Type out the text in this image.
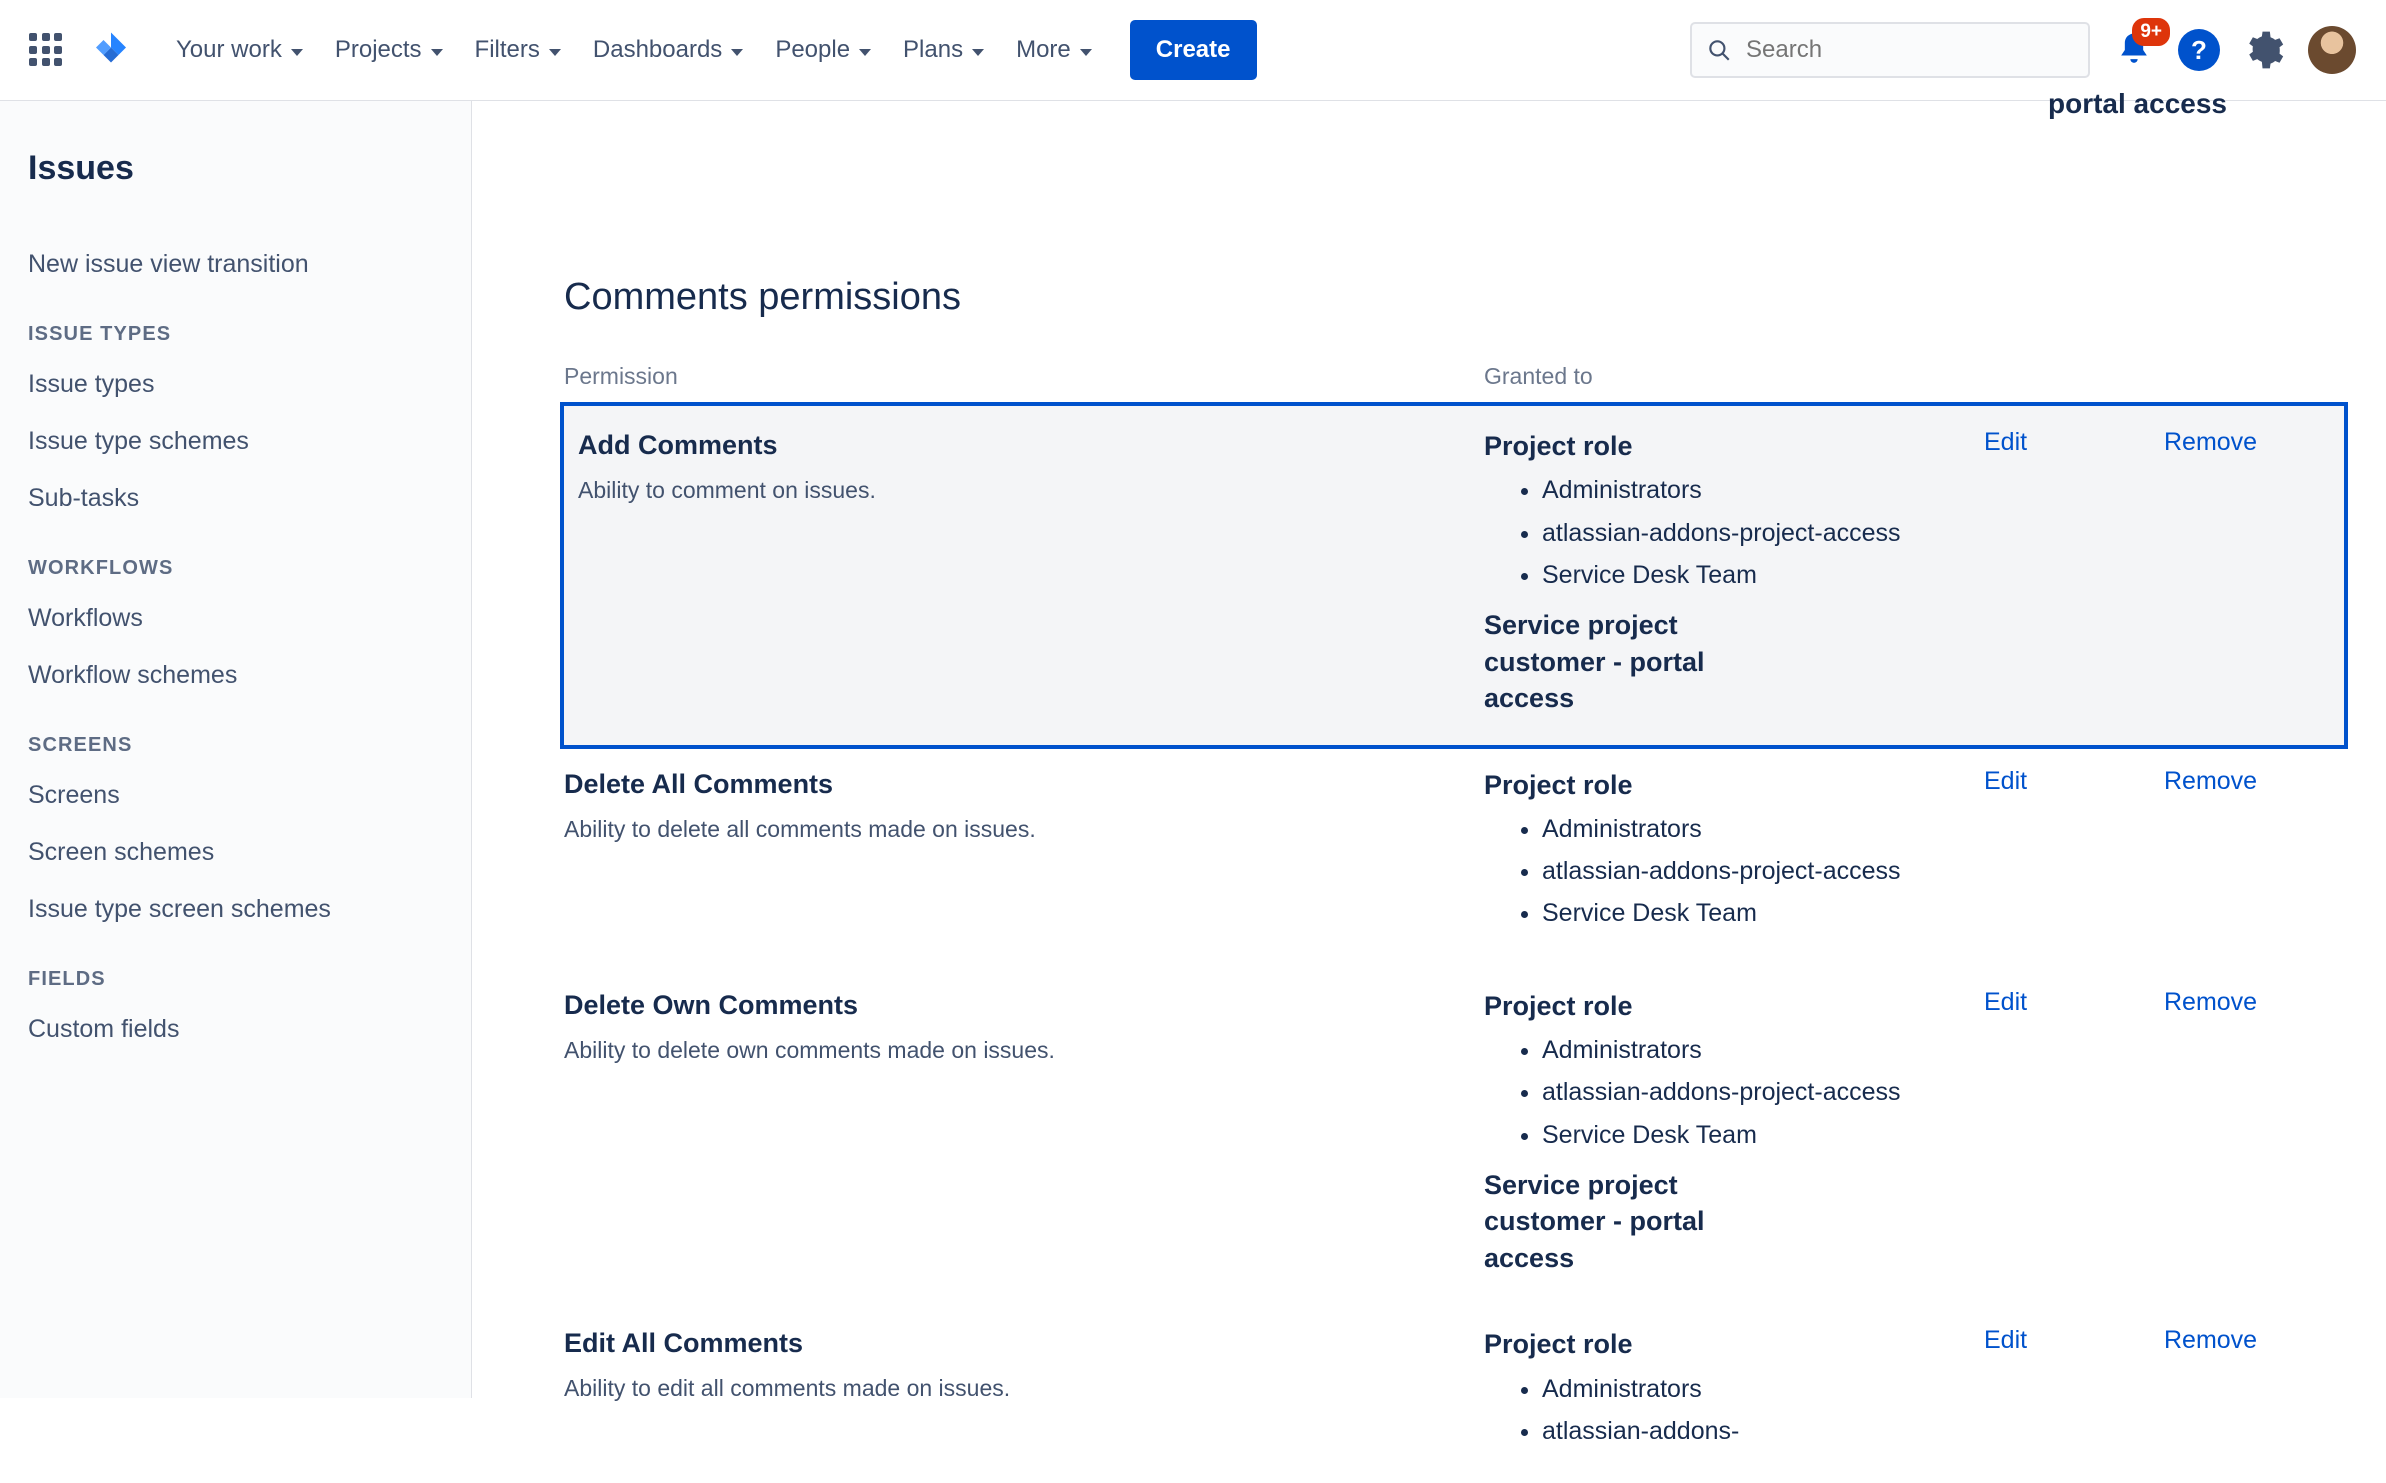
Your work Projects Filters Dashboards People Plans More	Create
Search
9+
?
Issues
New issue view transition
ISSUE TYPES
Issue types
Issue type schemes
Sub-tasks
WORKFLOWS
Workflows
Workflow schemes
SCREENS
Screens
Screen schemes
Issue type screen schemes
FIELDS
Custom fields
portal access
Comments permissions
Permission	Granted to		

Add Comments
Ability to comment on issues.

Project role
• Administrators
• atlassian-addons-project-access
• Service Desk Team
Service project customer - portal access
	Edit	Remove

Delete All Comments
Ability to delete all comments made on issues.

Project role
• Administrators
• atlassian-addons-project-access
• Service Desk Team
	Edit	Remove

Delete Own Comments
Ability to delete own comments made on issues.

Project role
• Administrators
• atlassian-addons-project-access
• Service Desk Team
Service project customer - portal access
	Edit	Remove

Edit All Comments
Ability to edit all comments made on issues.

Project role
• Administrators
• atlassian-addons-
	Edit	Remove
